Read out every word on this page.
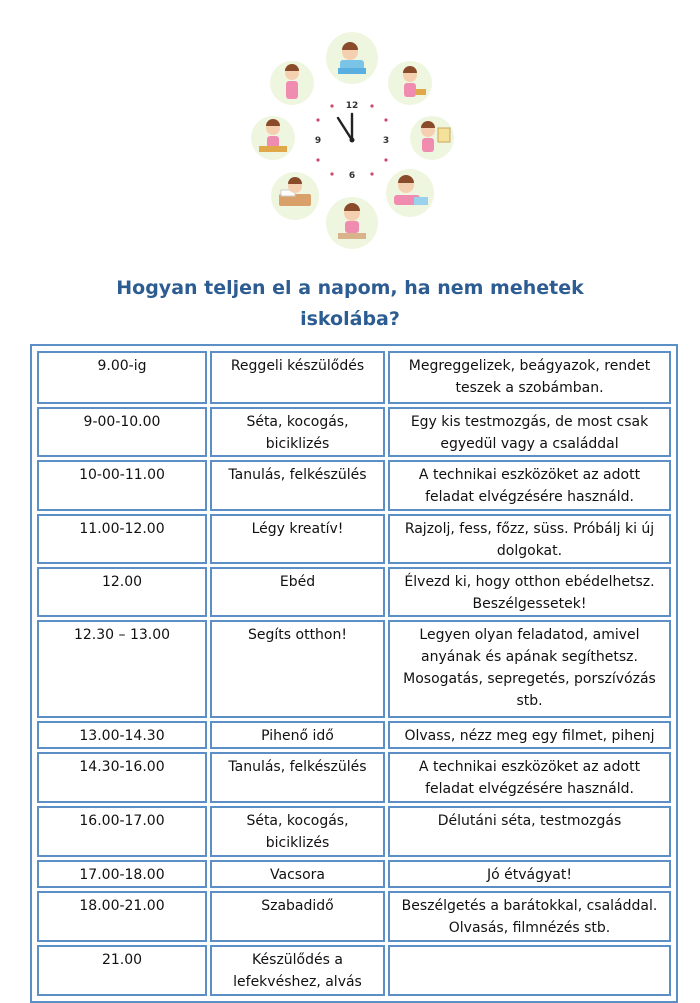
12
3
6
9
Hogyan teljen el a napom, ha nem mehetek
iskolába?
9.00-ig	Reggeli készülődés	Megreggelizek, beágyazok, rendet teszek a szobámban.
9-00-10.00	Séta, kocogás, biciklizés	Egy kis testmozgás, de most csak egyedül vagy a családdal
10-00-11.00	Tanulás, felkészülés	A technikai eszközöket az adott feladat elvégzésére használd.
11.00-12.00	Légy kreatív!	Rajzolj, fess, főzz, süss. Próbálj ki új dolgokat.
12.00	Ebéd	Élvezd ki, hogy otthon ebédelhetsz. Beszélgessetek!
12.30 – 13.00	Segíts otthon!	Legyen olyan feladatod, amivel anyának és apának segíthetsz. Mosogatás, sepregetés, porszívózás stb.
13.00-14.30	Pihenő idő	Olvass, nézz meg egy filmet, pihenj
14.30-16.00	Tanulás, felkészülés	A technikai eszközöket az adott feladat elvégzésére használd.
16.00-17.00	Séta, kocogás, biciklizés	Délutáni séta, testmozgás
17.00-18.00	Vacsora	Jó étvágyat!
18.00-21.00	Szabadidő	Beszélgetés a barátokkal, családdal. Olvasás, filmnézés stb.
21.00	Készülődés a lefekvéshez, alvás	
